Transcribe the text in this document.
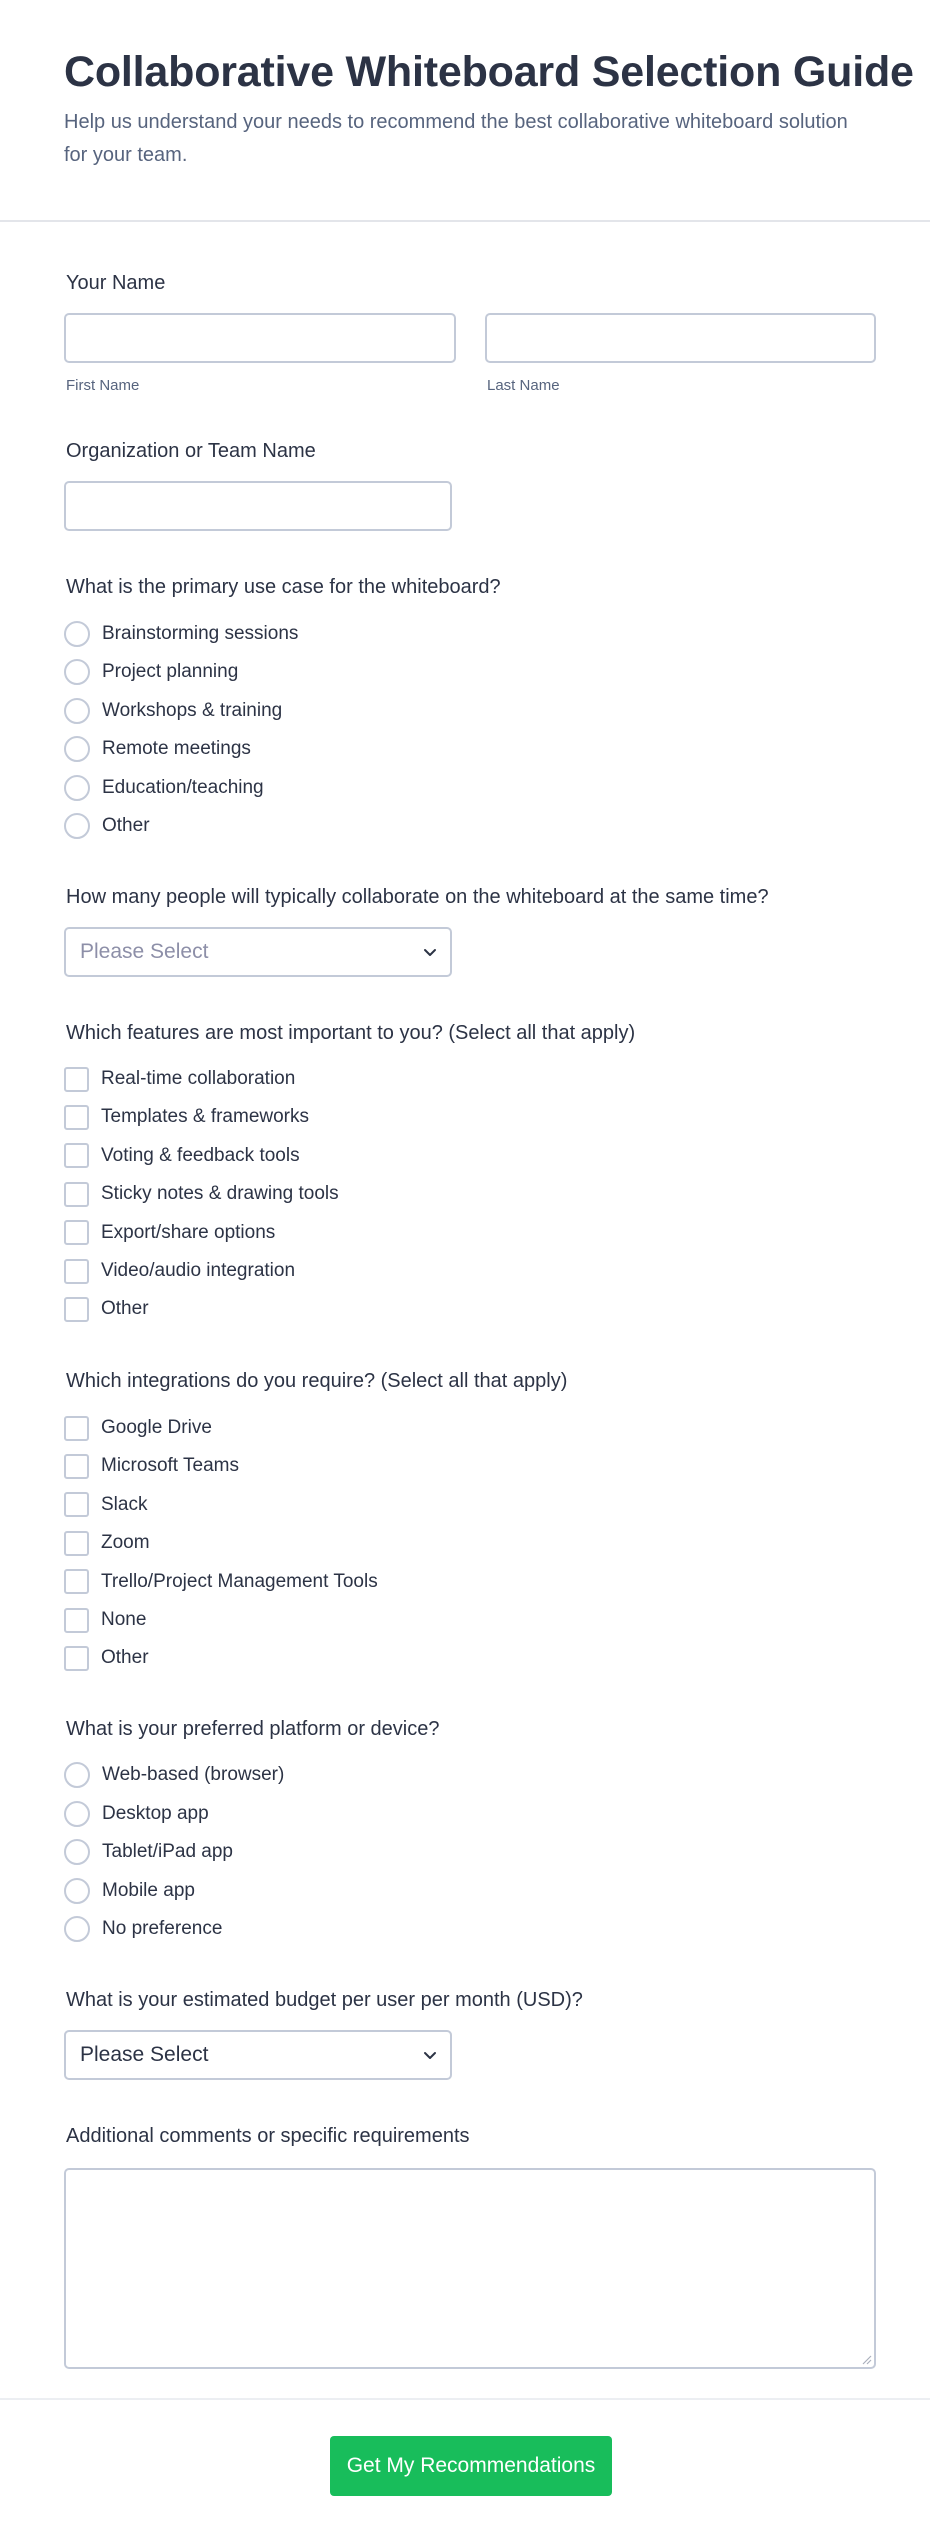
Collaborative Whiteboard Selection Guide

Help us understand your needs to recommend the best collaborative whiteboard solution for your team.

Your Name
First Name	Last Name
Organization or Team Name
What is the primary use case for the whiteboard?
Brainstorming sessions
Project planning
Workshops & training
Remote meetings
Education/teaching
Other
How many people will typically collaborate on the whiteboard at the same time?
Please Select
Which features are most important to you? (Select all that apply)
Real-time collaboration
Templates & frameworks
Voting & feedback tools
Sticky notes & drawing tools
Export/share options
Video/audio integration
Other
Which integrations do you require? (Select all that apply)
Google Drive
Microsoft Teams
Slack
Zoom
Trello/Project Management Tools
None
Other
What is your preferred platform or device?
Web-based (browser)
Desktop app
Tablet/iPad app
Mobile app
No preference
What is your estimated budget per user per month (USD)?
Please Select
Additional comments or specific requirements
Get My Recommendations
